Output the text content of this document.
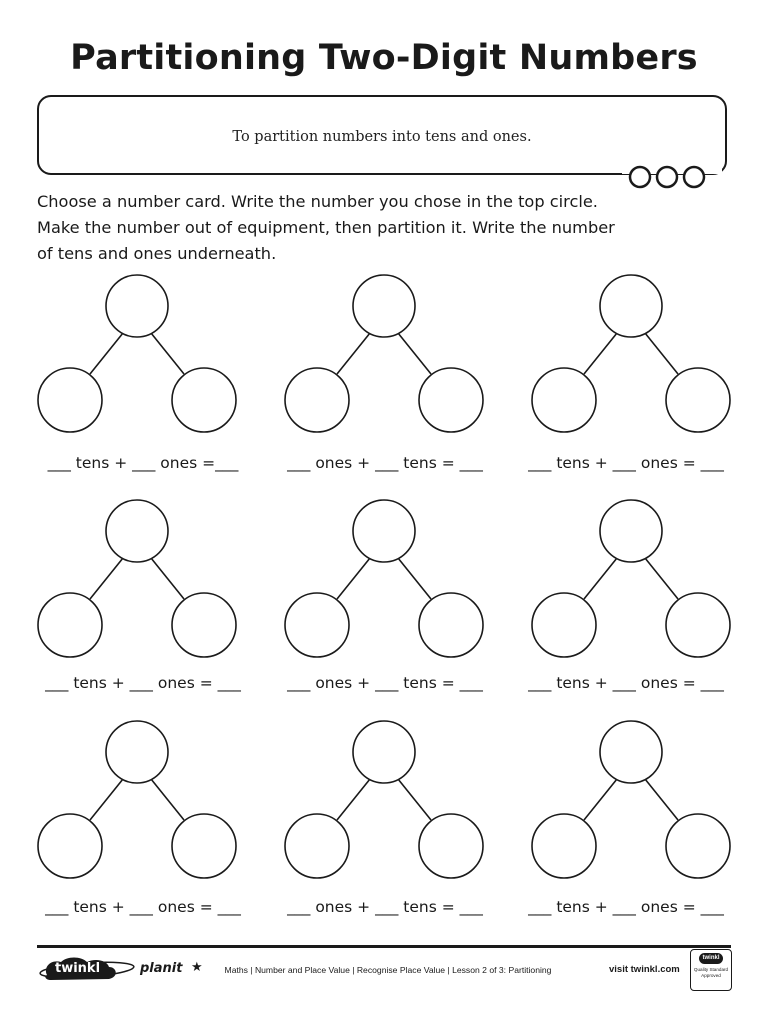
Partitioning Two-Digit Numbers
To partition numbers into tens and ones.
Choose a number card. Write the number you chose in the top circle.
Make the number out of equipment, then partition it. Write the number
of tens and ones underneath.
___ tens + ___ ones =___	___ ones + ___ tens = ___	___ tens + ___ ones = ___
___ tens + ___ ones = ___	___ ones + ___ tens = ___	___ tens + ___ ones = ___
___ tens + ___ ones = ___	___ ones + ___ tens = ___	___ tens + ___ ones = ___
twinkl	planit ★	Maths | Number and Place Value | Recognise Place Value | Lesson 2 of 3: Partitioning	visit twinkl.com
twinkl
Quality Standard Approved
